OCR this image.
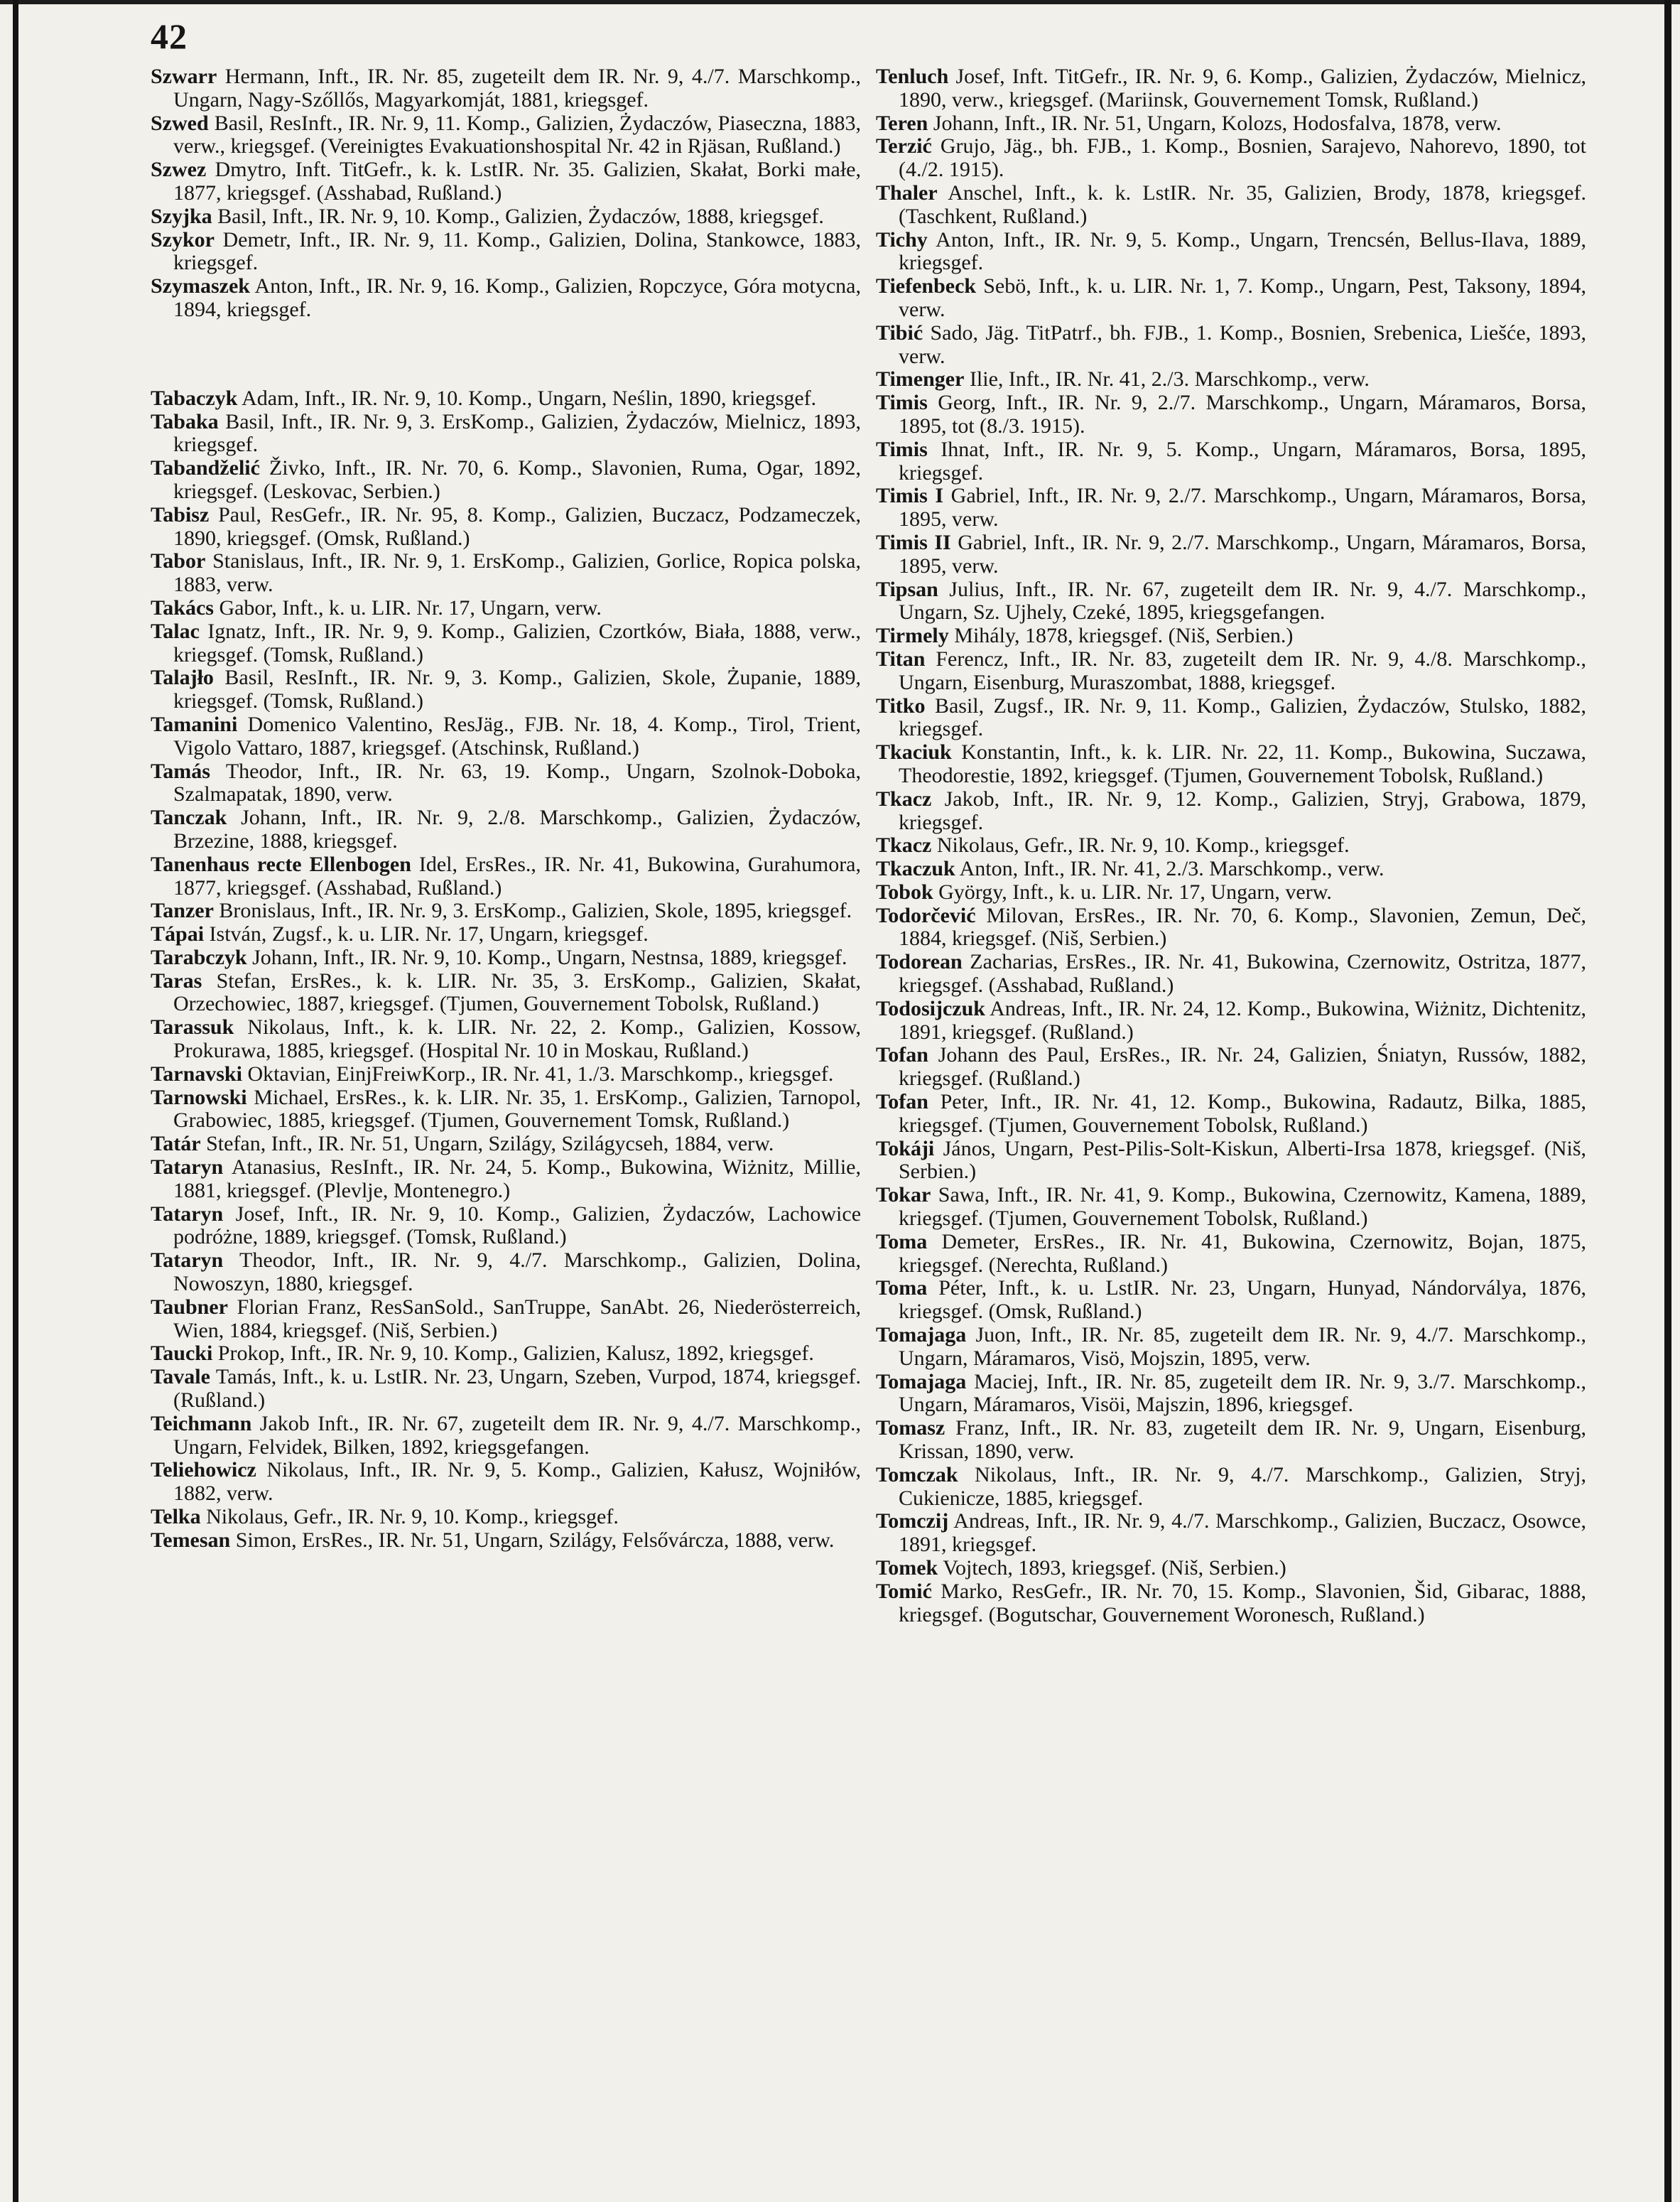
42

Szwarr Hermann, Inft., IR. Nr. 85, zugeteilt dem IR. Nr. 9, 4./7. Marschkomp., Ungarn, Nagy-Szőllős, Magyarkomját, 1881, kriegsgef.

Szwed Basil, ResInft., IR. Nr. 9, 11. Komp., Galizien, Żydaczów, Piaseczna, 1883, verw., kriegsgef. (Vereinigtes Evakuationshospital Nr. 42 in Rjäsan, Rußland.)

Szwez Dmytro, Inft. TitGefr., k. k. LstIR. Nr. 35. Galizien, Skałat, Borki małe, 1877, kriegsgef. (Asshabad, Rußland.)

Szyjka Basil, Inft., IR. Nr. 9, 10. Komp., Galizien, Żydaczów, 1888, kriegsgef.

Szykor Demetr, Inft., IR. Nr. 9, 11. Komp., Galizien, Dolina, Stankowce, 1883, kriegsgef.

Szymaszek Anton, Inft., IR. Nr. 9, 16. Komp., Galizien, Ropczyce, Góra motycna, 1894, kriegsgef.

Tabaczyk Adam, Inft., IR. Nr. 9, 10. Komp., Ungarn, Neślin, 1890, kriegsgef.

Tabaka Basil, Inft., IR. Nr. 9, 3. ErsKomp., Galizien, Żydaczów, Mielnicz, 1893, kriegsgef.

Tabandželić Živko, Inft., IR. Nr. 70, 6. Komp., Slavonien, Ruma, Ogar, 1892, kriegsgef. (Leskovac, Serbien.)

Tabisz Paul, ResGefr., IR. Nr. 95, 8. Komp., Galizien, Buczacz, Podzameczek, 1890, kriegsgef. (Omsk, Rußland.)

Tabor Stanislaus, Inft., IR. Nr. 9, 1. ErsKomp., Galizien, Gorlice, Ropica polska, 1883, verw.

Takács Gabor, Inft., k. u. LIR. Nr. 17, Ungarn, verw.

Talac Ignatz, Inft., IR. Nr. 9, 9. Komp., Galizien, Czortków, Biała, 1888, verw., kriegsgef. (Tomsk, Rußland.)

Talajło Basil, ResInft., IR. Nr. 9, 3. Komp., Galizien, Skole, Żupanie, 1889, kriegsgef. (Tomsk, Rußland.)

Tamanini Domenico Valentino, ResJäg., FJB. Nr. 18, 4. Komp., Tirol, Trient, Vigolo Vattaro, 1887, kriegsgef. (Atschinsk, Rußland.)

Tamás Theodor, Inft., IR. Nr. 63, 19. Komp., Ungarn, Szolnok-Doboka, Szalmapatak, 1890, verw.

Tanczak Johann, Inft., IR. Nr. 9, 2./8. Marschkomp., Galizien, Żydaczów, Brzezine, 1888, kriegsgef.

Tanenhaus recte Ellenbogen Idel, ErsRes., IR. Nr. 41, Bukowina, Gurahumora, 1877, kriegsgef. (Asshabad, Rußland.)

Tanzer Bronislaus, Inft., IR. Nr. 9, 3. ErsKomp., Galizien, Skole, 1895, kriegsgef.

Tápai István, Zugsf., k. u. LIR. Nr. 17, Ungarn, kriegsgef.

Tarabczyk Johann, Inft., IR. Nr. 9, 10. Komp., Ungarn, Nestnsa, 1889, kriegsgef.

Taras Stefan, ErsRes., k. k. LIR. Nr. 35, 3. ErsKomp., Galizien, Skałat, Orzechowiec, 1887, kriegsgef. (Tjumen, Gouvernement Tobolsk, Rußland.)

Tarassuk Nikolaus, Inft., k. k. LIR. Nr. 22, 2. Komp., Galizien, Kossow, Prokurawa, 1885, kriegsgef. (Hospital Nr. 10 in Moskau, Rußland.)

Tarnavski Oktavian, EinjFreiwKorp., IR. Nr. 41, 1./3. Marschkomp., kriegsgef.

Tarnowski Michael, ErsRes., k. k. LIR. Nr. 35, 1. ErsKomp., Galizien, Tarnopol, Grabowiec, 1885, kriegsgef. (Tjumen, Gouvernement Tomsk, Rußland.)

Tatár Stefan, Inft., IR. Nr. 51, Ungarn, Szilágy, Szilágycseh, 1884, verw.

Tataryn Atanasius, ResInft., IR. Nr. 24, 5. Komp., Bukowina, Wiżnitz, Millie, 1881, kriegsgef. (Plevlje, Montenegro.)

Tataryn Josef, Inft., IR. Nr. 9, 10. Komp., Galizien, Żydaczów, Lachowice podróżne, 1889, kriegsgef. (Tomsk, Rußland.)

Tataryn Theodor, Inft., IR. Nr. 9, 4./7. Marschkomp., Galizien, Dolina, Nowoszyn, 1880, kriegsgef.

Taubner Florian Franz, ResSanSold., SanTruppe, SanAbt. 26, Niederösterreich, Wien, 1884, kriegsgef. (Niš, Serbien.)

Taucki Prokop, Inft., IR. Nr. 9, 10. Komp., Galizien, Kalusz, 1892, kriegsgef.

Tavale Tamás, Inft., k. u. LstIR. Nr. 23, Ungarn, Szeben, Vurpod, 1874, kriegsgef. (Rußland.)

Teichmann Jakob Inft., IR. Nr. 67, zugeteilt dem IR. Nr. 9, 4./7. Marschkomp., Ungarn, Felvidek, Bilken, 1892, kriegsgefangen.

Teliehowicz Nikolaus, Inft., IR. Nr. 9, 5. Komp., Galizien, Kałusz, Wojniłów, 1882, verw.

Telka Nikolaus, Gefr., IR. Nr. 9, 10. Komp., kriegsgef.

Temesan Simon, ErsRes., IR. Nr. 51, Ungarn, Szilágy, Felsővárcza, 1888, verw.

Tenluch Josef, Inft. TitGefr., IR. Nr. 9, 6. Komp., Galizien, Żydaczów, Mielnicz, 1890, verw., kriegsgef. (Mariinsk, Gouvernement Tomsk, Rußland.)

Teren Johann, Inft., IR. Nr. 51, Ungarn, Kolozs, Hodosfalva, 1878, verw.

Terzić Grujo, Jäg., bh. FJB., 1. Komp., Bosnien, Sarajevo, Nahorevo, 1890, tot (4./2. 1915).

Thaler Anschel, Inft., k. k. LstIR. Nr. 35, Galizien, Brody, 1878, kriegsgef. (Taschkent, Rußland.)

Tichy Anton, Inft., IR. Nr. 9, 5. Komp., Ungarn, Trencsén, Bellus-Ilava, 1889, kriegsgef.

Tiefenbeck Sebö, Inft., k. u. LIR. Nr. 1, 7. Komp., Ungarn, Pest, Taksony, 1894, verw.

Tibić Sado, Jäg. TitPatrf., bh. FJB., 1. Komp., Bosnien, Srebenica, Liešće, 1893, verw.

Timenger Ilie, Inft., IR. Nr. 41, 2./3. Marschkomp., verw.

Timis Georg, Inft., IR. Nr. 9, 2./7. Marschkomp., Ungarn, Máramaros, Borsa, 1895, tot (8./3. 1915).

Timis Ihnat, Inft., IR. Nr. 9, 5. Komp., Ungarn, Máramaros, Borsa, 1895, kriegsgef.

Timis I Gabriel, Inft., IR. Nr. 9, 2./7. Marschkomp., Ungarn, Máramaros, Borsa, 1895, verw.

Timis II Gabriel, Inft., IR. Nr. 9, 2./7. Marschkomp., Ungarn, Máramaros, Borsa, 1895, verw.

Tipsan Julius, Inft., IR. Nr. 67, zugeteilt dem IR. Nr. 9, 4./7. Marschkomp., Ungarn, Sz. Ujhely, Czeké, 1895, kriegsgefangen.

Tirmely Mihály, 1878, kriegsgef. (Niš, Serbien.)

Titan Ferencz, Inft., IR. Nr. 83, zugeteilt dem IR. Nr. 9, 4./8. Marschkomp., Ungarn, Eisenburg, Muraszombat, 1888, kriegsgef.

Titko Basil, Zugsf., IR. Nr. 9, 11. Komp., Galizien, Żydaczów, Stulsko, 1882, kriegsgef.

Tkaciuk Konstantin, Inft., k. k. LIR. Nr. 22, 11. Komp., Bukowina, Suczawa, Theodorestie, 1892, kriegsgef. (Tjumen, Gouvernement Tobolsk, Rußland.)

Tkacz Jakob, Inft., IR. Nr. 9, 12. Komp., Galizien, Stryj, Grabowa, 1879, kriegsgef.

Tkacz Nikolaus, Gefr., IR. Nr. 9, 10. Komp., kriegsgef.

Tkaczuk Anton, Inft., IR. Nr. 41, 2./3. Marschkomp., verw.

Tobok György, Inft., k. u. LIR. Nr. 17, Ungarn, verw.

Todorčević Milovan, ErsRes., IR. Nr. 70, 6. Komp., Slavonien, Zemun, Deč, 1884, kriegsgef. (Niš, Serbien.)

Todorean Zacharias, ErsRes., IR. Nr. 41, Bukowina, Czernowitz, Ostritza, 1877, kriegsgef. (Asshabad, Rußland.)

Todosijczuk Andreas, Inft., IR. Nr. 24, 12. Komp., Bukowina, Wiżnitz, Dichtenitz, 1891, kriegsgef. (Rußland.)

Tofan Johann des Paul, ErsRes., IR. Nr. 24, Galizien, Śniatyn, Russów, 1882, kriegsgef. (Rußland.)

Tofan Peter, Inft., IR. Nr. 41, 12. Komp., Bukowina, Radautz, Bilka, 1885, kriegsgef. (Tjumen, Gouvernement Tobolsk, Rußland.)

Tokáji János, Ungarn, Pest-Pilis-Solt-Kiskun, Alberti-Irsa 1878, kriegsgef. (Niš, Serbien.)

Tokar Sawa, Inft., IR. Nr. 41, 9. Komp., Bukowina, Czernowitz, Kamena, 1889, kriegsgef. (Tjumen, Gouvernement Tobolsk, Rußland.)

Toma Demeter, ErsRes., IR. Nr. 41, Bukowina, Czernowitz, Bojan, 1875, kriegsgef. (Nerechta, Rußland.)

Toma Péter, Inft., k. u. LstIR. Nr. 23, Ungarn, Hunyad, Nándorválya, 1876, kriegsgef. (Omsk, Rußland.)

Tomajaga Juon, Inft., IR. Nr. 85, zugeteilt dem IR. Nr. 9, 4./7. Marschkomp., Ungarn, Máramaros, Visö, Mojszin, 1895, verw.

Tomajaga Maciej, Inft., IR. Nr. 85, zugeteilt dem IR. Nr. 9, 3./7. Marschkomp., Ungarn, Máramaros, Visöi, Majszin, 1896, kriegsgef.

Tomasz Franz, Inft., IR. Nr. 83, zugeteilt dem IR. Nr. 9, Ungarn, Eisenburg, Krissan, 1890, verw.

Tomczak Nikolaus, Inft., IR. Nr. 9, 4./7. Marschkomp., Galizien, Stryj, Cukienicze, 1885, kriegsgef.

Tomczij Andreas, Inft., IR. Nr. 9, 4./7. Marschkomp., Galizien, Buczacz, Osowce, 1891, kriegsgef.

Tomek Vojtech, 1893, kriegsgef. (Niš, Serbien.)

Tomić Marko, ResGefr., IR. Nr. 70, 15. Komp., Slavonien, Šid, Gibarac, 1888, kriegsgef. (Bogutschar, Gouvernement Woronesch, Rußland.)
